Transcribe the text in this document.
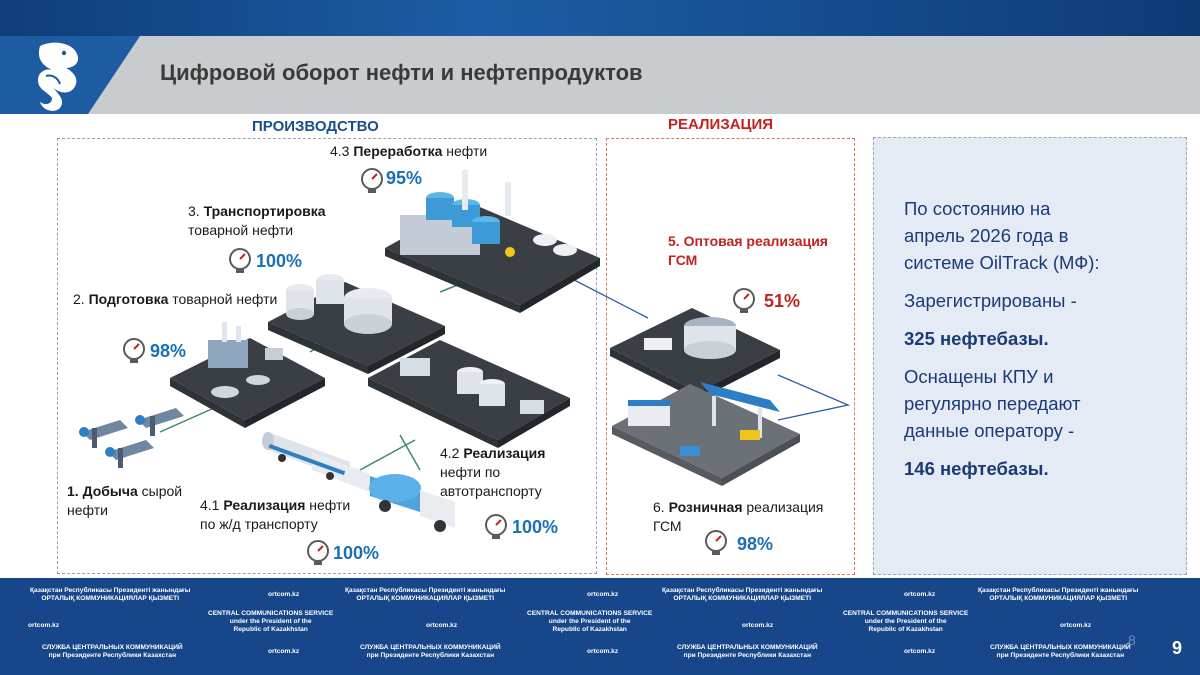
Цифровой оборот нефти и нефтепродуктов
ПРОИЗВОДСТВО	РЕАЛИЗАЦИЯ
4.3 Переработка нефти
95%
3. Транспортировка
товарной нефти
100%
2. Подготовка товарной нефти
98%
1. Добыча сырой нефти	4.1 Реализация нефти
по ж/д транспорту
100%
4.2 Реализация
нефти по
автотранспорту
100%
5. Оптовая реализация
ГСМ
51%
6. Розничная реализация
ГСМ
98%
По состоянию на
апрель 2026 года в
системе OilTrack (МФ):
Зарегистрированы -
325 нефтебазы.
Оснащены КПУ и
регулярно передают
данные оператору -
146 нефтебазы.
Қазақстан Республикасы Президенті жанындағы
ОРТАЛЫҚ КОММУНИКАЦИЯЛАР ҚЫЗМЕТІ
ortcom.kz
Қазақстан Республикасы Президенті жанындағы
ОРТАЛЫҚ КОММУНИКАЦИЯЛАР ҚЫЗМЕТІ
ortcom.kz
Қазақстан Республикасы Президенті жанындағы
ОРТАЛЫҚ КОММУНИКАЦИЯЛАР ҚЫЗМЕТІ
ortcom.kz
Қазақстан Республикасы Президенті жанындағы
ОРТАЛЫҚ КОММУНИКАЦИЯЛАР ҚЫЗМЕТІ
ortcom.kz
CENTRAL COMMUNICATIONS SERVICE
under the President of the
Republic of Kazakhstan
ortcom.kz
CENTRAL COMMUNICATIONS SERVICE
under the President of the
Republic of Kazakhstan
ortcom.kz
CENTRAL COMMUNICATIONS SERVICE
under the President of the
Republic of Kazakhstan
ortcom.kz
СЛУЖБА ЦЕНТРАЛЬНЫХ КОММУНИКАЦИЙ
при Президенте Республики Казахстан
ortcom.kz
СЛУЖБА ЦЕНТРАЛЬНЫХ КОММУНИКАЦИЙ
при Президенте Республики Казахстан
ortcom.kz
СЛУЖБА ЦЕНТРАЛЬНЫХ КОММУНИКАЦИЙ
при Президенте Республики Казахстан
ortcom.kz
СЛУЖБА ЦЕНТРАЛЬНЫХ КОММУНИКАЦИЙ
при Президенте Республики Казахстан
8 9
